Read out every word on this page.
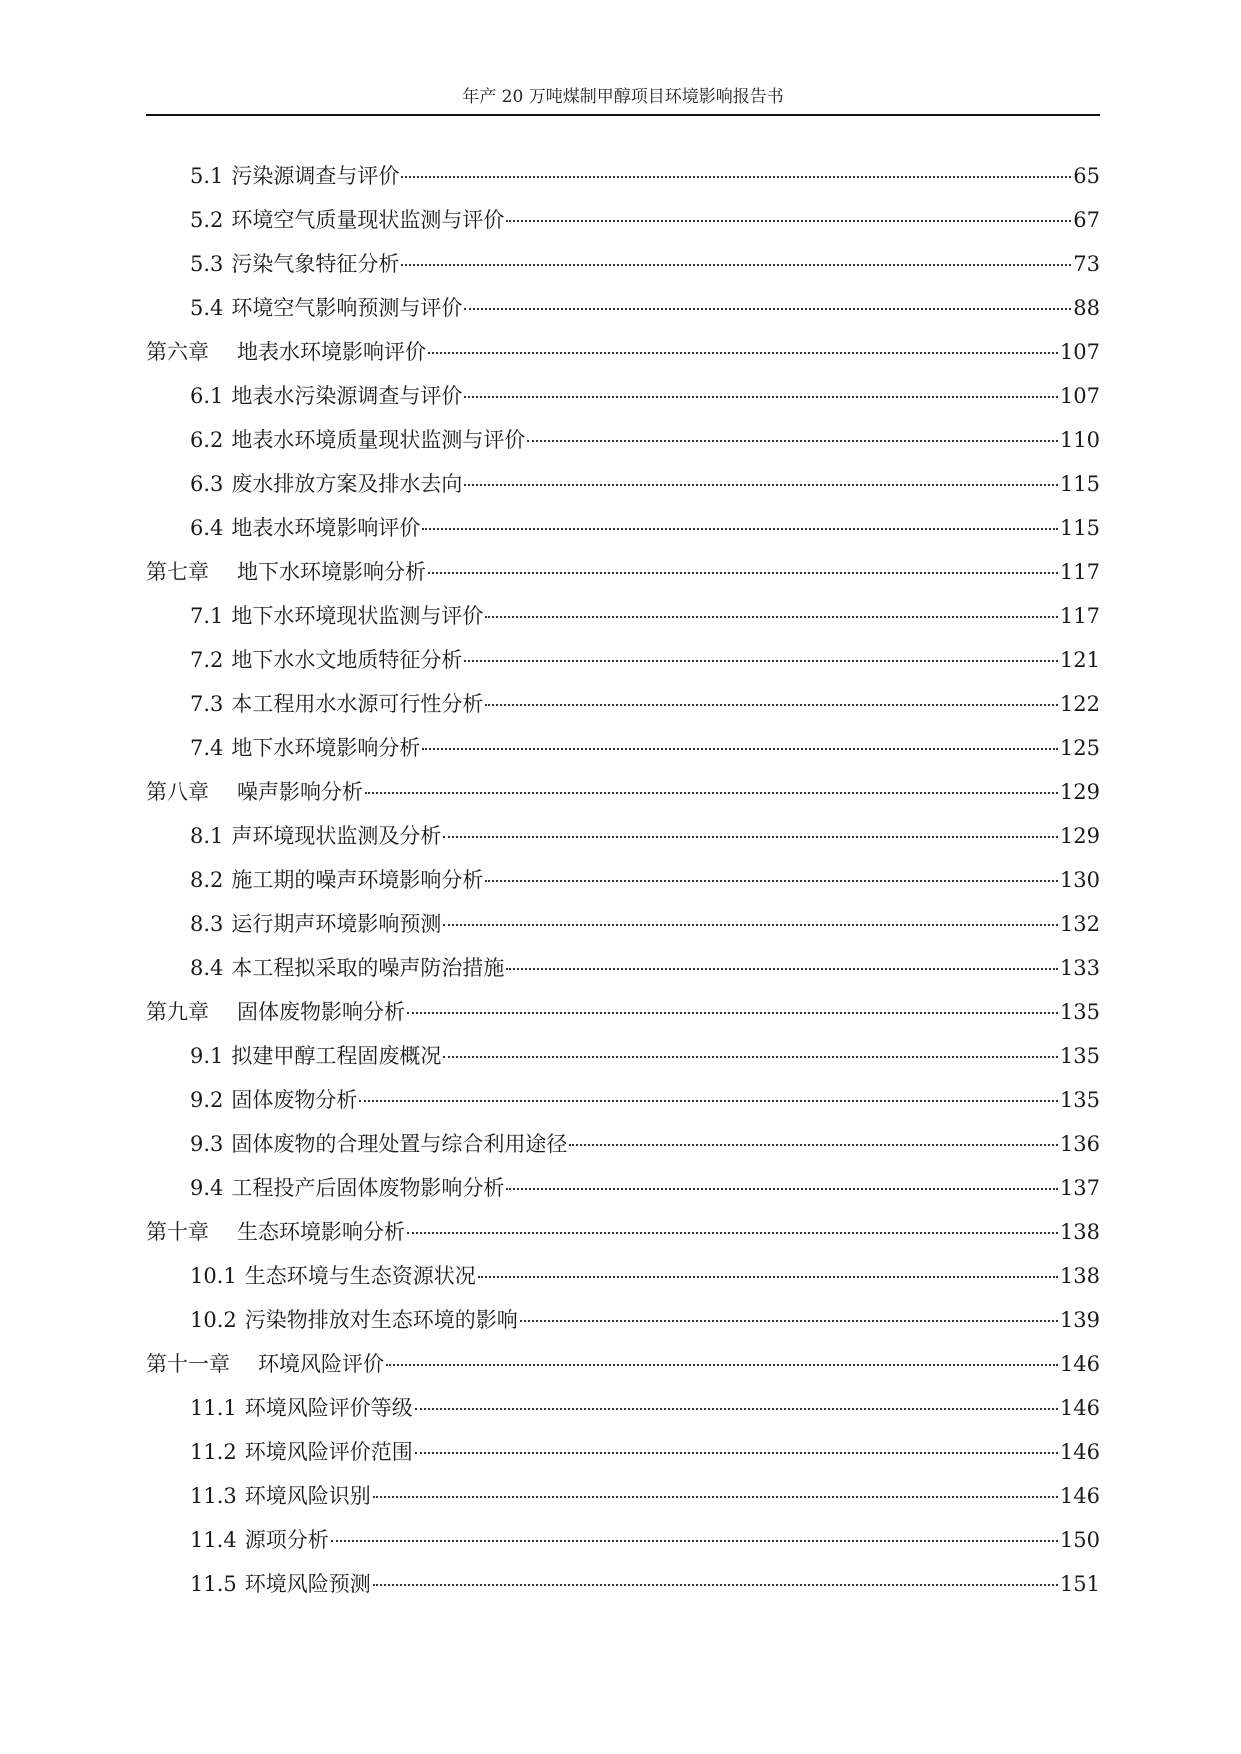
年产 20 万吨煤制甲醇项目环境影响报告书
5.1 污染源调查与评价	65
5.2 环境空气质量现状监测与评价	67
5.3 污染气象特征分析	73
5.4 环境空气影响预测与评价	88
第六章 地表水环境影响评价	107
6.1 地表水污染源调查与评价	107
6.2 地表水环境质量现状监测与评价	110
6.3 废水排放方案及排水去向	115
6.4 地表水环境影响评价	115
第七章 地下水环境影响分析	117
7.1 地下水环境现状监测与评价	117
7.2 地下水水文地质特征分析	121
7.3 本工程用水水源可行性分析	122
7.4 地下水环境影响分析	125
第八章 噪声影响分析	129
8.1 声环境现状监测及分析	129
8.2 施工期的噪声环境影响分析	130
8.3 运行期声环境影响预测	132
8.4 本工程拟采取的噪声防治措施	133
第九章 固体废物影响分析	135
9.1 拟建甲醇工程固废概况	135
9.2 固体废物分析	135
9.3 固体废物的合理处置与综合利用途径	136
9.4 工程投产后固体废物影响分析	137
第十章 生态环境影响分析	138
10.1 生态环境与生态资源状况	138
10.2 污染物排放对生态环境的影响	139
第十一章 环境风险评价	146
11.1 环境风险评价等级	146
11.2 环境风险评价范围	146
11.3 环境风险识别	146
11.4 源项分析	150
11.5 环境风险预测	151
